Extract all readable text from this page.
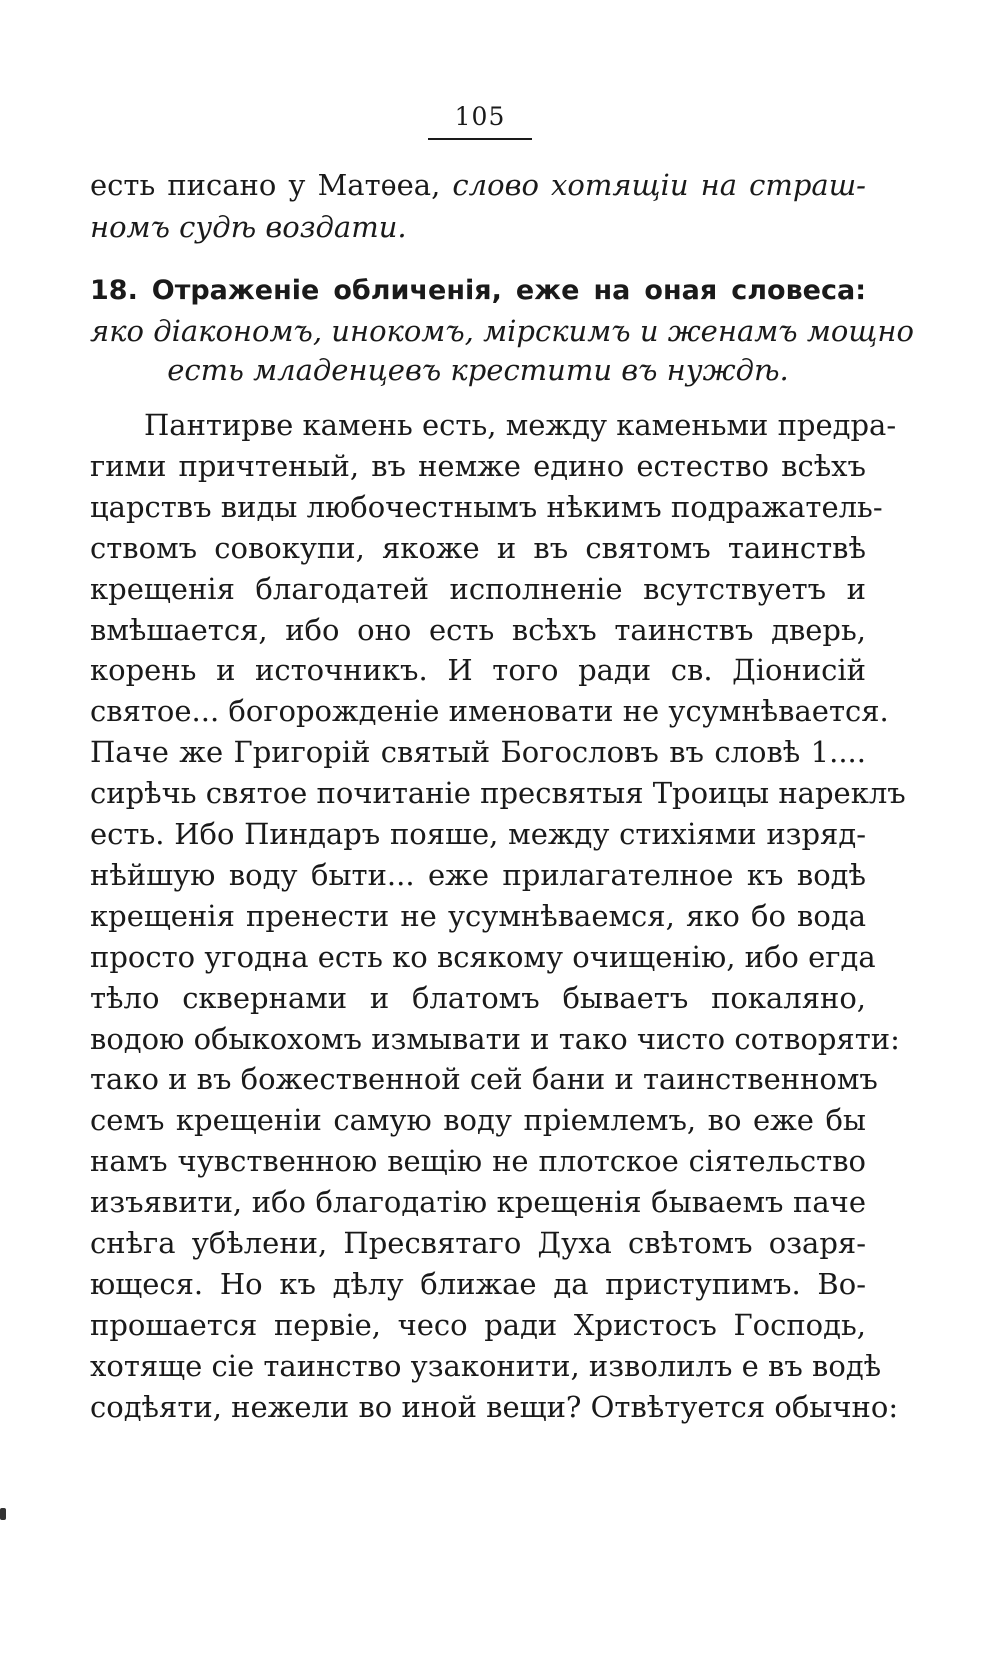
105
есть писано у Матѳеа, слово хотящіи на страш-
номъ судѣ воздати.
18. Отраженіе обличенія, еже на оная словеса:
яко діакономъ, инокомъ, мірскимъ и женамъ мощно
есть младенцевъ крестити въ нуждѣ.
Пантирве камень есть, между каменьми предра-
гими причтеный, въ немже едино естество всѣхъ
царствъ виды любочестнымъ нѣкимъ подражатель-
ствомъ совокупи, якоже и въ святомъ таинствѣ
крещенія благодатей исполненіе всутствуетъ и
вмѣшается, ибо оно есть всѣхъ таинствъ дверь,
корень и источникъ. И того ради св. Діонисій
святое... богорожденіе именовати не усумнѣвается.
Паче же Григорій святый Богословъ въ словѣ 1....
сирѣчь святое почитаніе пресвятыя Троицы нареклъ
есть. Ибо Пиндаръ пояше, между стихіями изряд-
нѣйшую воду быти... еже прилагателное къ водѣ
крещенія пренести не усумнѣваемся, яко бо вода
просто угодна есть ко всякому очищенію, ибо егда
тѣло сквернами и блатомъ бываетъ покаляно,
водою обыкохомъ измывати и тако чисто сотворяти:
тако и въ божественной сей бани и таинственномъ
семъ крещеніи самую воду пріемлемъ, во еже бы
намъ чувственною вещію не плотское сіятельство
изъявити, ибо благодатію крещенія бываемъ паче
снѣга убѣлени, Пресвятаго Духа свѣтомъ озаря-
ющеся. Но къ дѣлу ближае да приступимъ. Во-
прошается первіе, чесо ради Христосъ Господь,
хотяще сіе таинство узаконити, изволилъ е въ водѣ
содѣяти, нежели во иной вещи? Отвѣтуется обычно:
